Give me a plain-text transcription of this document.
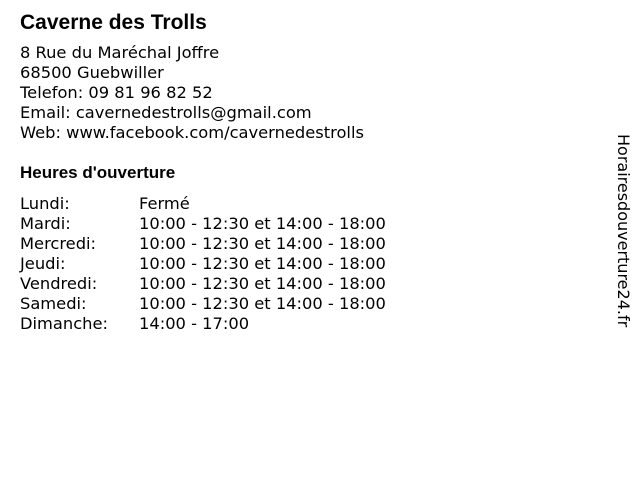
Caverne des Trolls
8 Rue du Maréchal Joffre
68500 Guebwiller
Telefon: 09 81 96 82 52
Email: cavernedestrolls@gmail.com
Web: www.facebook.com/cavernedestrolls
Heures d'ouverture
Lundi:	Fermé
Mardi:	10:00 - 12:30 et 14:00 - 18:00
Mercredi:	10:00 - 12:30 et 14:00 - 18:00
Jeudi:	10:00 - 12:30 et 14:00 - 18:00
Vendredi:	10:00 - 12:30 et 14:00 - 18:00
Samedi:	10:00 - 12:30 et 14:00 - 18:00
Dimanche:	14:00 - 17:00	Horairesdouverture24.fr
